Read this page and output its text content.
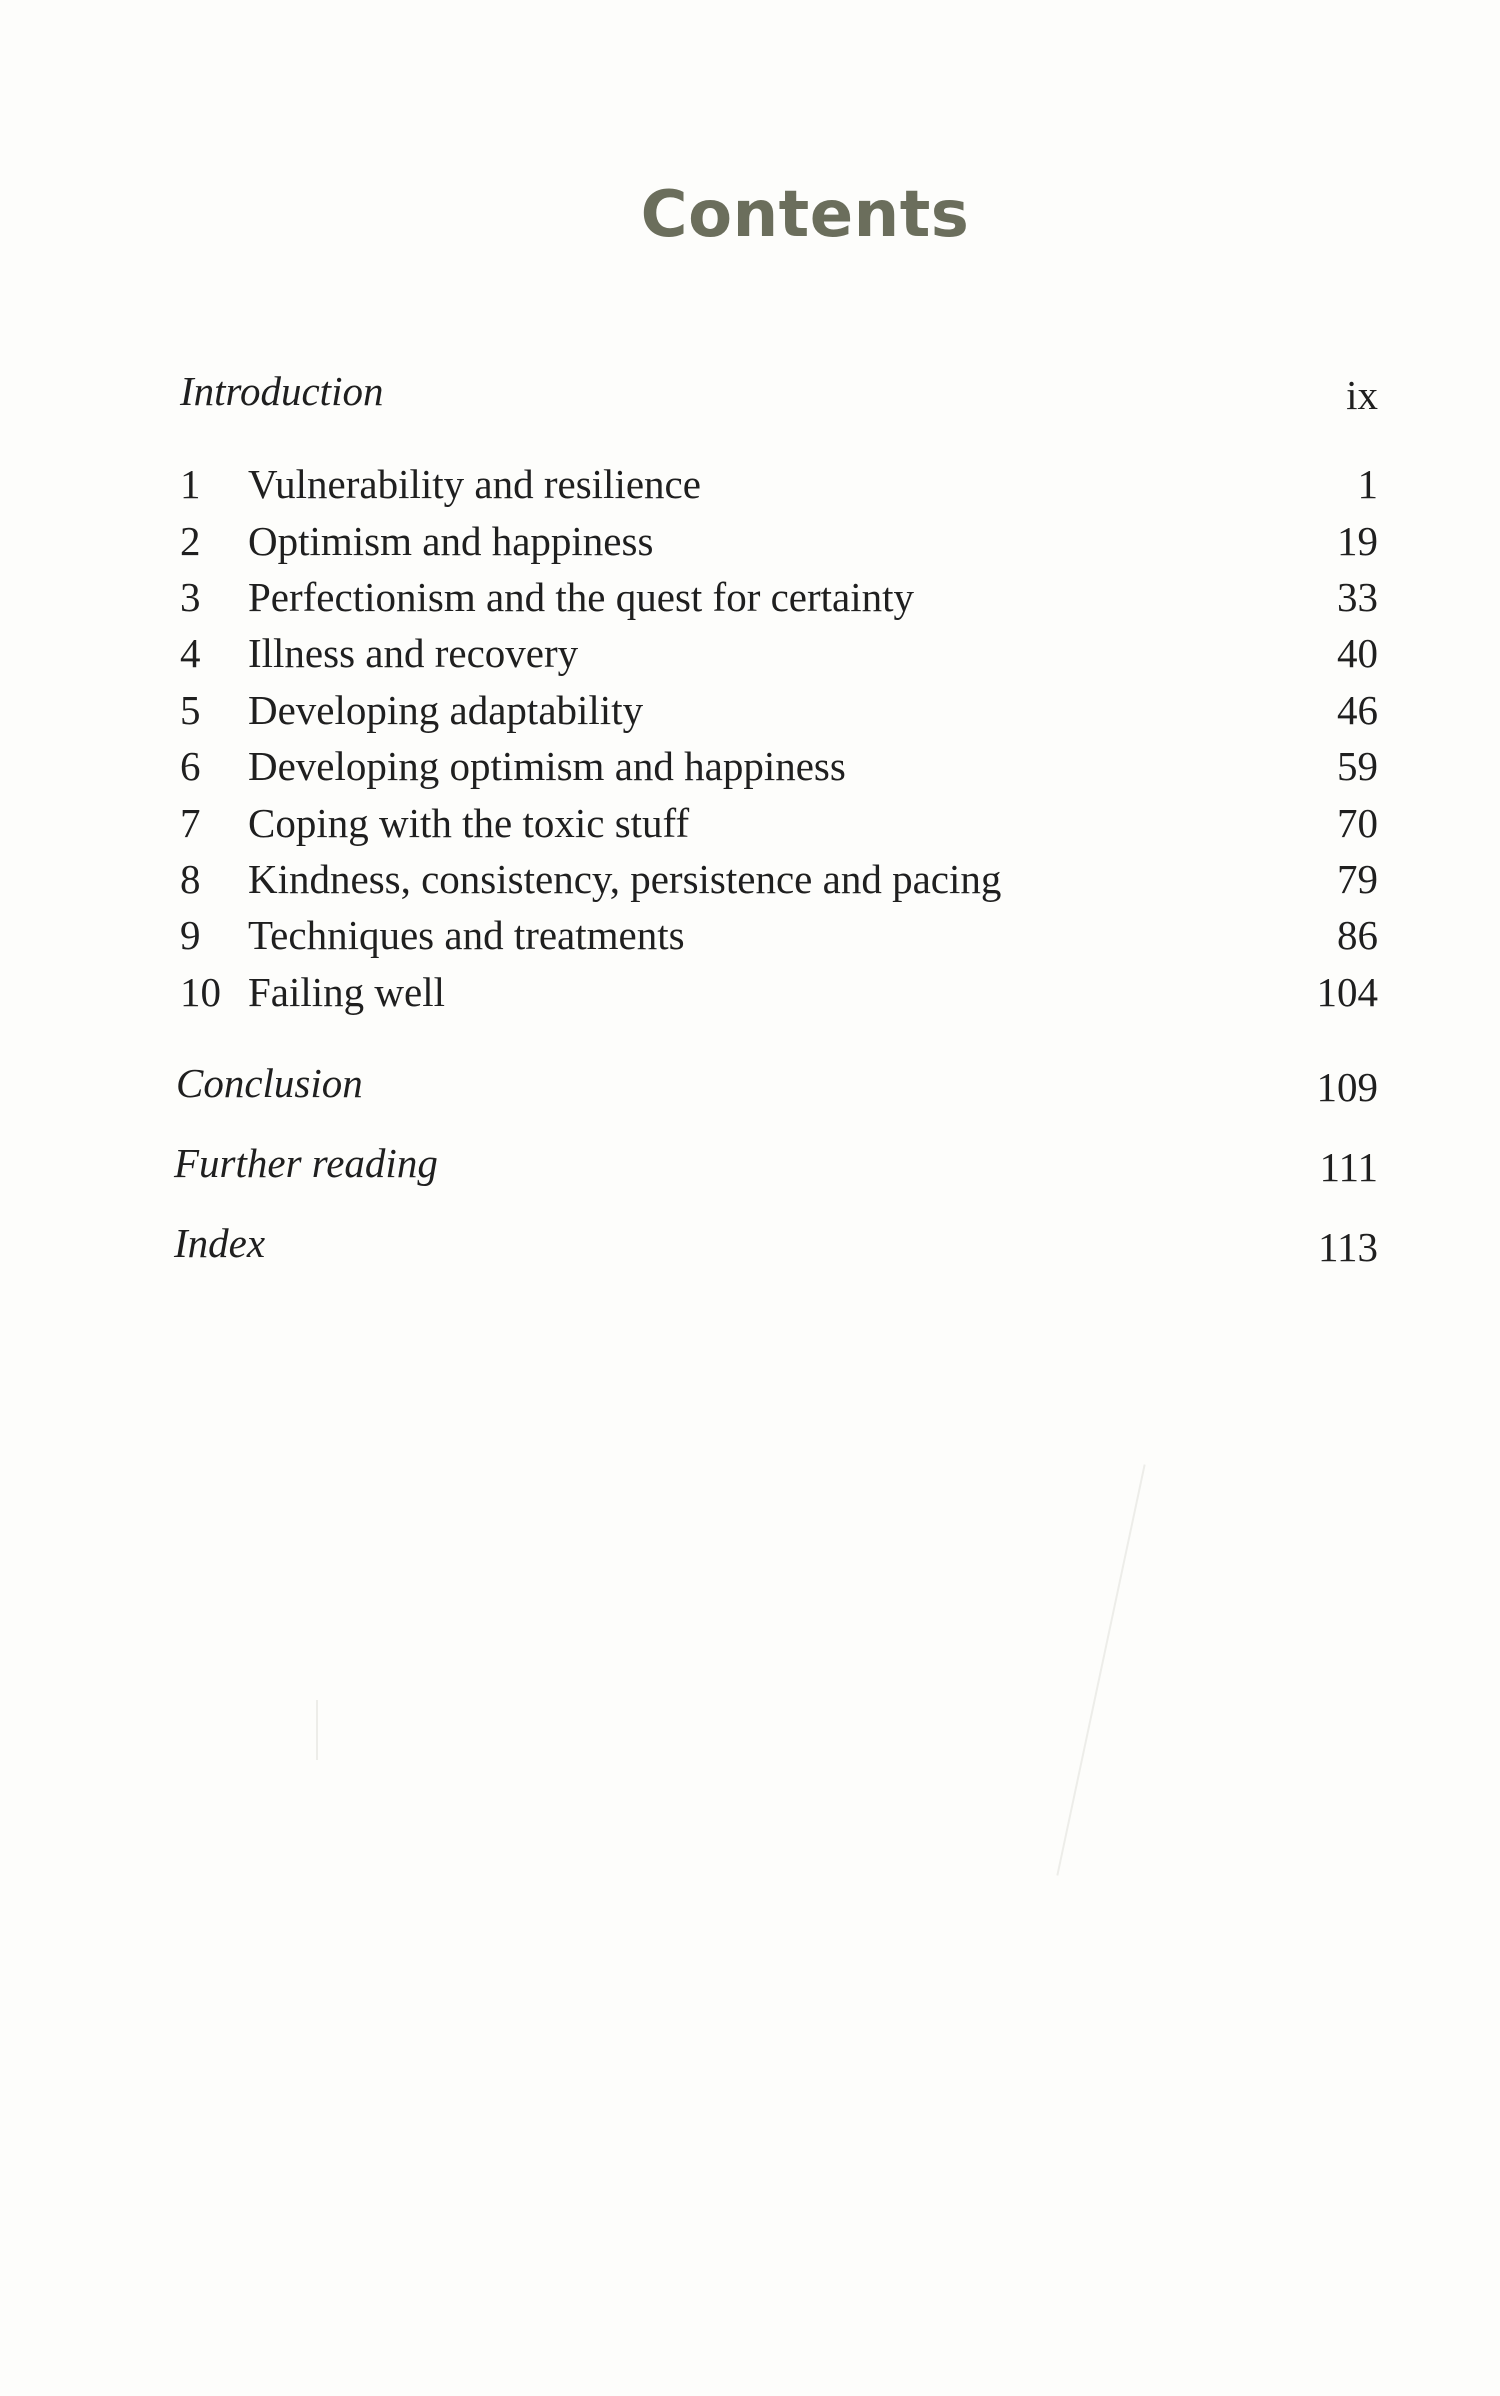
Contents
Introduction	ix
1 Vulnerability and resilience	1
2 Optimism and happiness	19
3 Perfectionism and the quest for certainty	33
4 Illness and recovery	40
5 Developing adaptability	46
6 Developing optimism and happiness	59
7 Coping with the toxic stuff	70
8 Kindness, consistency, persistence and pacing	79
9 Techniques and treatments	86
10 Failing well	104
Conclusion	109
Further reading	111
Index	113
